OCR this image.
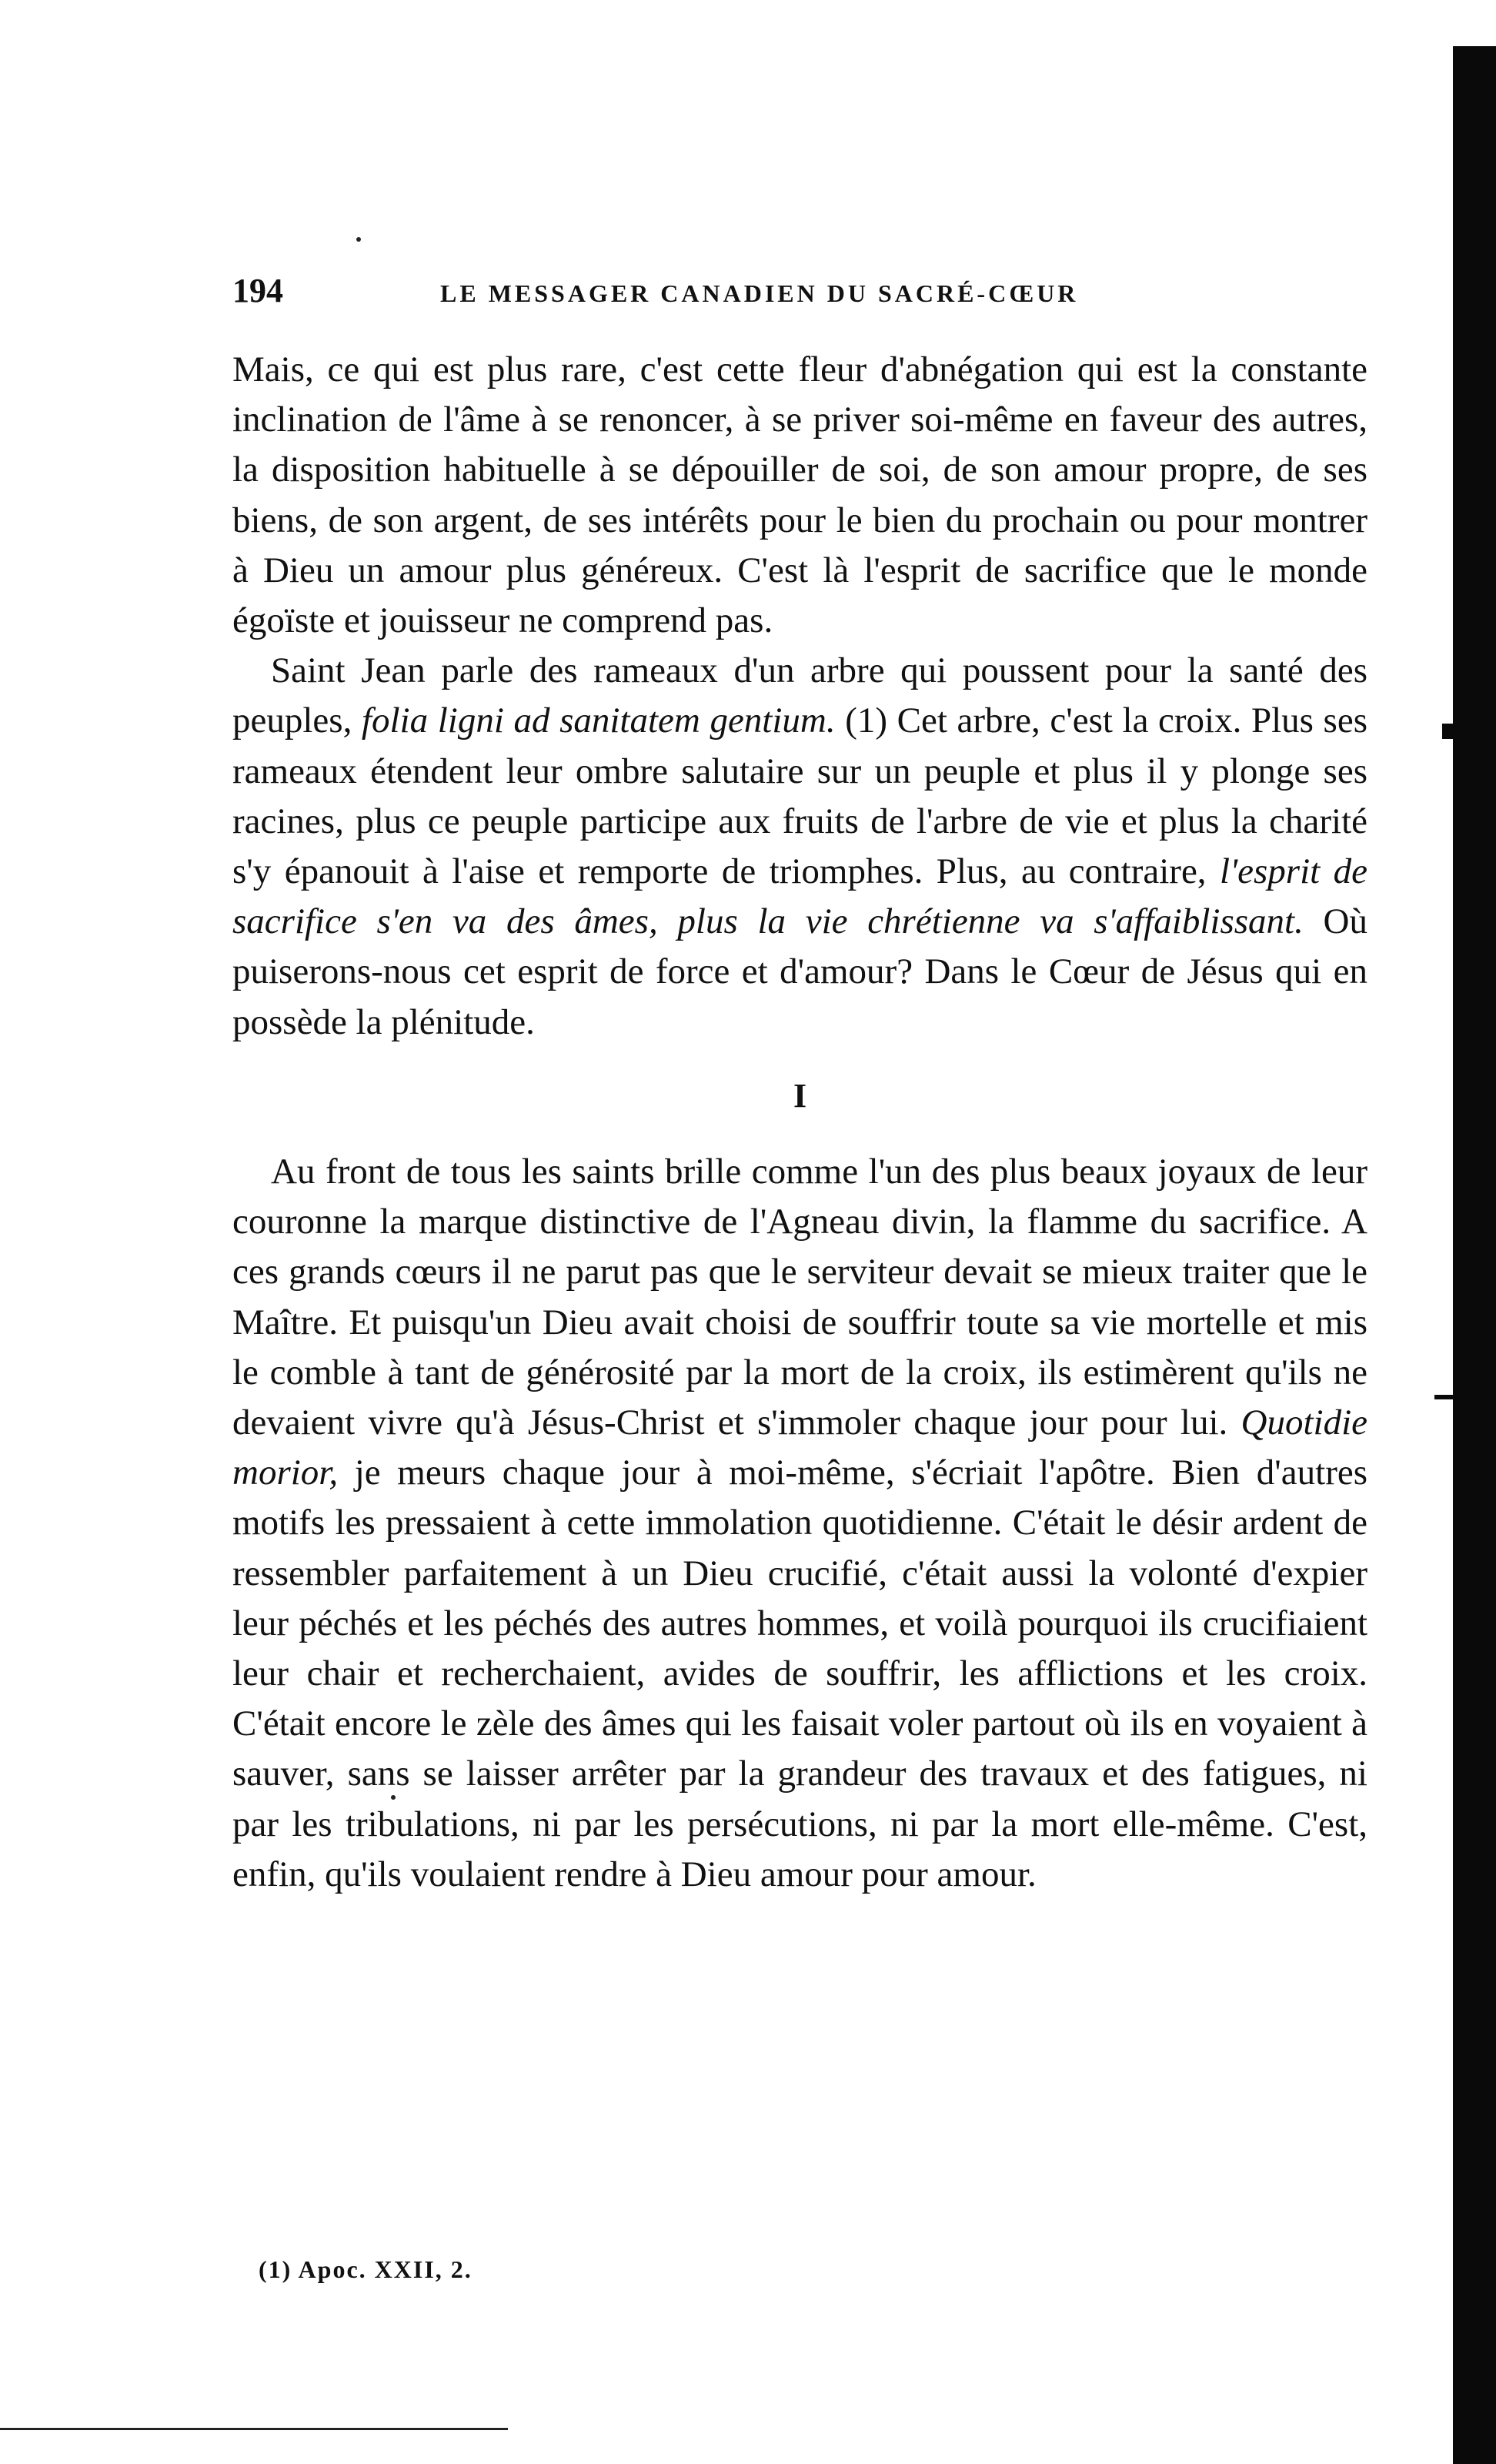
194	LE MESSAGER CANADIEN DU SACRÉ-CŒUR

Mais, ce qui est plus rare, c'est cette fleur d'abnégation qui est la constante inclination de l'âme à se renoncer, à se priver soi-même en faveur des autres, la disposition habituelle à se dépouiller de soi, de son amour propre, de ses biens, de son argent, de ses intérêts pour le bien du prochain ou pour montrer à Dieu un amour plus généreux. C'est là l'esprit de sacrifice que le monde égoïste et jouisseur ne comprend pas.

Saint Jean parle des rameaux d'un arbre qui poussent pour la santé des peuples, folia ligni ad sanitatem gentium. (1) Cet arbre, c'est la croix. Plus ses rameaux étendent leur ombre salutaire sur un peuple et plus il y plonge ses racines, plus ce peuple participe aux fruits de l'arbre de vie et plus la charité s'y épanouit à l'aise et remporte de triomphes. Plus, au contraire, l'esprit de sacrifice s'en va des âmes, plus la vie chrétienne va s'affaiblissant. Où puiserons-nous cet esprit de force et d'amour? Dans le Cœur de Jésus qui en possède la plénitude.

I

Au front de tous les saints brille comme l'un des plus beaux joyaux de leur couronne la marque distinctive de l'Agneau divin, la flamme du sacrifice. A ces grands cœurs il ne parut pas que le serviteur devait se mieux traiter que le Maître. Et puisqu'un Dieu avait choisi de souffrir toute sa vie mortelle et mis le comble à tant de générosité par la mort de la croix, ils estimèrent qu'ils ne devaient vivre qu'à Jésus-Christ et s'immoler chaque jour pour lui. Quotidie morior, je meurs chaque jour à moi-même, s'écriait l'apôtre. Bien d'autres motifs les pressaient à cette immolation quotidienne. C'était le désir ardent de ressembler parfaitement à un Dieu crucifié, c'était aussi la volonté d'expier leur péchés et les péchés des autres hommes, et voilà pourquoi ils crucifiaient leur chair et recherchaient, avides de souffrir, les afflictions et les croix. C'était encore le zèle des âmes qui les faisait voler partout où ils en voyaient à sauver, sans se laisser arrêter par la grandeur des travaux et des fatigues, ni par les tribulations, ni par les persécutions, ni par la mort elle-même. C'est, enfin, qu'ils voulaient rendre à Dieu amour pour amour.

(1) Apoc. XXII, 2.
